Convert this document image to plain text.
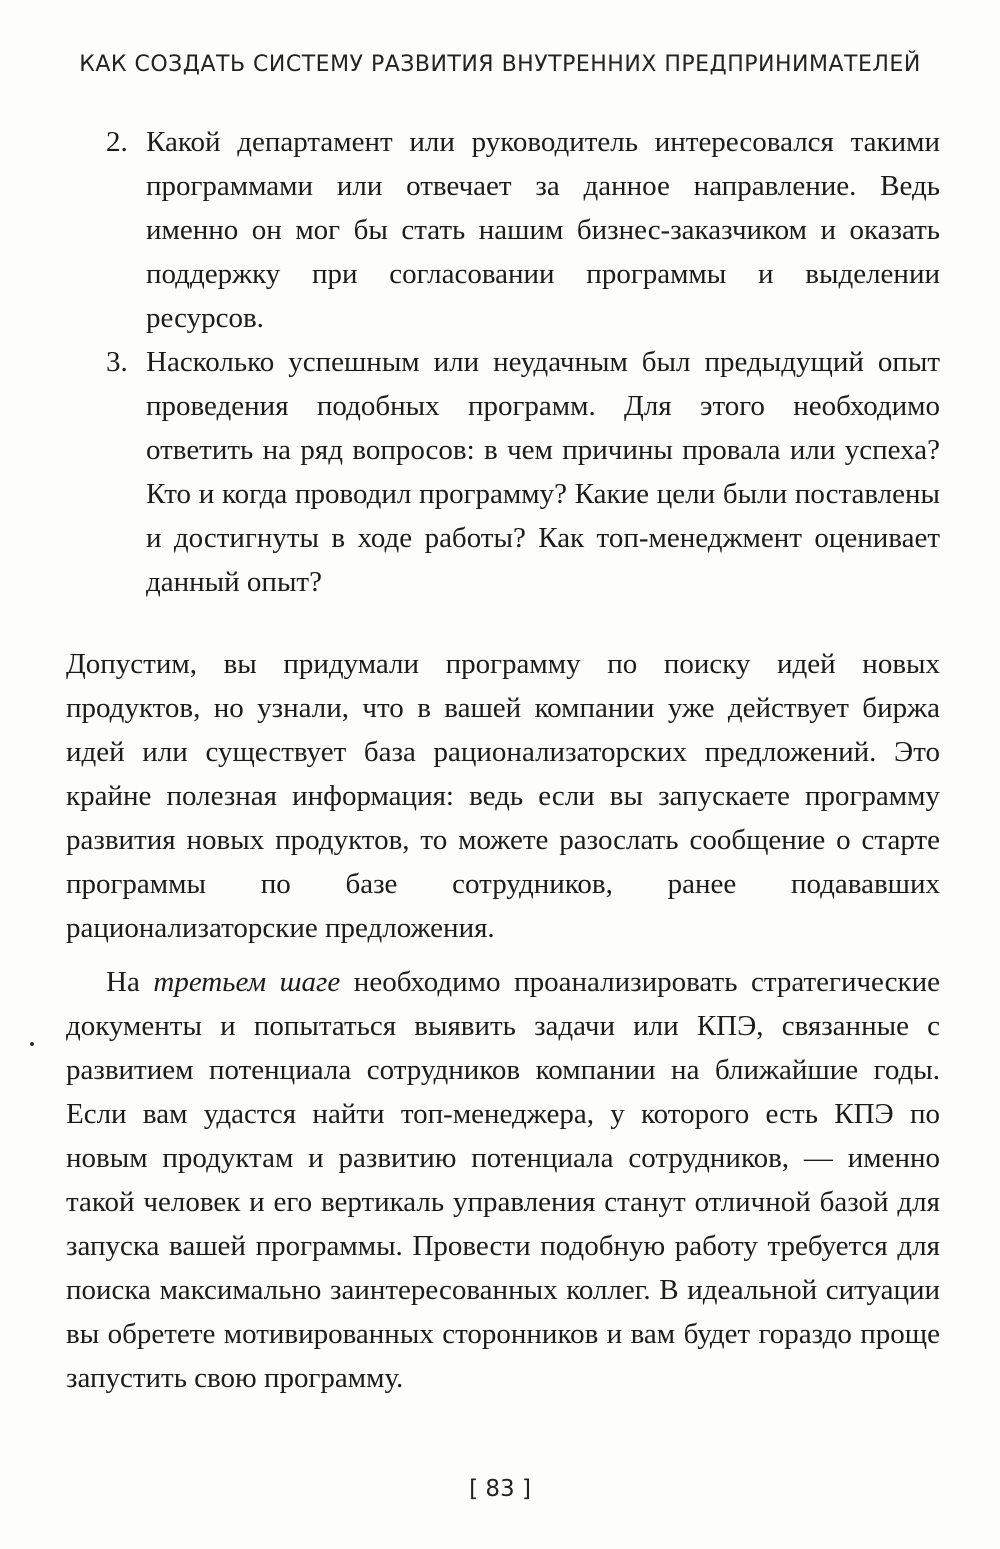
КАК СОЗДАТЬ СИСТЕМУ РАЗВИТИЯ ВНУТРЕННИХ ПРЕДПРИНИМАТЕЛЕЙ
2. Какой департамент или руководитель интересовался такими программами или отвечает за данное направление. Ведь именно он мог бы стать нашим бизнес-заказчиком и оказать поддержку при согласовании программы и выделении ресурсов.
3. Насколько успешным или неудачным был предыдущий опыт проведения подобных программ. Для этого необходимо ответить на ряд вопросов: в чем причины провала или успеха? Кто и когда проводил программу? Какие цели были поставлены и достигнуты в ходе работы? Как топ-менеджмент оценивает данный опыт?

Допустим, вы придумали программу по поиску идей новых продуктов, но узнали, что в вашей компании уже действует биржа идей или существует база рационализаторских предложений. Это крайне полезная информация: ведь если вы запускаете программу развития новых продуктов, то можете разослать сообщение о старте программы по базе сотрудников, ранее подававших рационализаторские предложения.

На третьем шаге необходимо проанализировать стратегические документы и попытаться выявить задачи или КПЭ, связанные с развитием потенциала сотрудников компании на ближайшие годы. Если вам удастся найти топ-менеджера, у которого есть КПЭ по новым продуктам и развитию потенциала сотрудников, — именно такой человек и его вертикаль управления станут отличной базой для запуска вашей программы. Провести подобную работу требуется для поиска максимально заинтересованных коллег. В идеальной ситуации вы обретете мотивированных сторонников и вам будет гораздо проще запустить свою программу.

[ 83 ]
